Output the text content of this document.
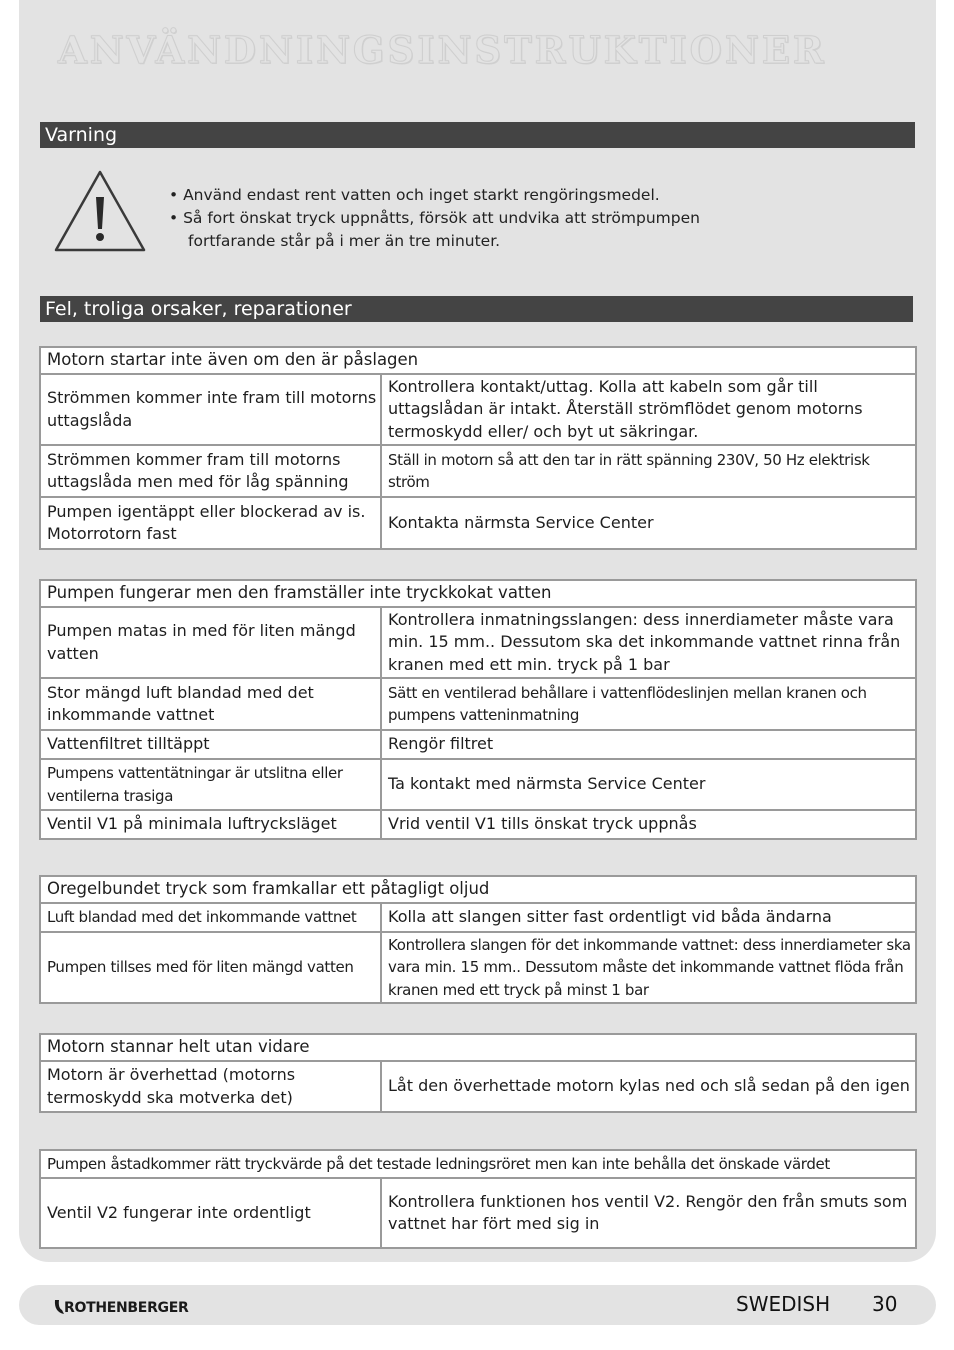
ANVÄNDNINGSINSTRUKTIONER
Varning
• Använd endast rent vatten och inget starkt rengöringsmedel.
• Så fort önskat tryck uppnåtts, försök att undvika att strömpumpen
fortfarande står på i mer än tre minuter.
Fel, troliga orsaker, reparationer
Motorn startar inte även om den är påslagen	
Strömmen kommer inte fram till motorns uttagslåda	Kontrollera kontakt/uttag. Kolla att kabeln som går till uttagslådan är intakt. Återställ strömflödet genom motorns termoskydd eller/ och byt ut säkringar.
Strömmen kommer fram till motorns uttagslåda men med för låg spänning	Ställ in motorn så att den tar in rätt spänning 230V, 50 Hz elektrisk ström
Pumpen igentäppt eller blockerad av is. Motorrotorn fast	Kontakta närmsta Service Center
Pumpen fungerar men den framställer inte tryckkokat vatten	
Pumpen matas in med för liten mängd vatten	Kontrollera inmatningsslangen: dess innerdiameter måste vara min. 15 mm.. Dessutom ska det inkommande vattnet rinna från kranen med ett min. tryck på 1 bar
Stor mängd luft blandad med det inkommande vattnet	Sätt en ventilerad behållare i vattenflödeslinjen mellan kranen och pumpens vatteninmatning
Vattenfiltret tilltäppt	Rengör filtret
Pumpens vattentätningar är utslitna eller ventilerna trasiga	Ta kontakt med närmsta Service Center
Ventil V1 på minimala luftrycksläget	Vrid ventil V1 tills önskat tryck uppnås
Oregelbundet tryck som framkallar ett påtagligt oljud	
Luft blandad med det inkommande vattnet	Kolla att slangen sitter fast ordentligt vid båda ändarna
Pumpen tillses med för liten mängd vatten	Kontrollera slangen för det inkommande vattnet: dess innerdiameter ska vara min. 15 mm.. Dessutom måste det inkommande vattnet flöda från kranen med ett tryck på minst 1 bar
Motorn stannar helt utan vidare
Motorn är överhettad (motorns termoskydd ska motverka det)	Låt den överhettade motorn kylas ned och slå sedan på den igen
Pumpen åstadkommer rätt tryckvärde på det testade ledningsröret men kan inte behålla det önskade värdet
Ventil V2 fungerar inte ordentligt	Kontrollera funktionen hos ventil V2. Rengör den från smuts som vattnet har fört med sig in
ROTHENBERGER	SWEDISH 30
